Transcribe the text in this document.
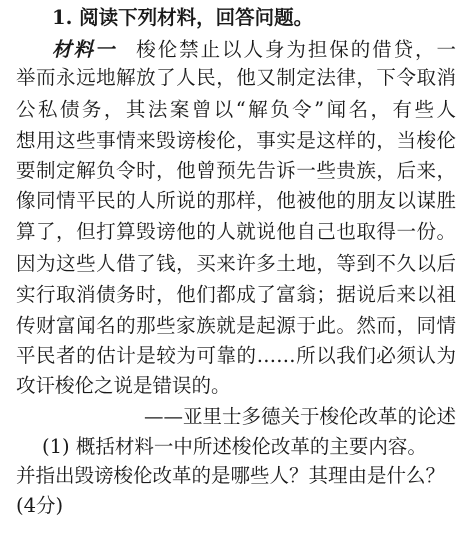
1. 阅读下列材料，回答问题。
材料一 梭伦禁止以人身为担保的借贷，一
举而永远地解放了人民，他又制定法律，下令取消
公私债务，其法案曾以“解负令”闻名，有些人
想用这些事情来毁谤梭伦，事实是这样的，当梭伦
要制定解负令时，他曾预先告诉一些贵族，后来，
像同情平民的人所说的那样，他被他的朋友以谋胜
算了，但打算毁谤他的人就说他自己也取得一份。
因为这些人借了钱，买来许多土地，等到不久以后
实行取消债务时，他们都成了富翁；据说后来以祖
传财富闻名的那些家族就是起源于此。然而，同情
平民者的估计是较为可靠的……所以我们必须认为
攻讦梭伦之说是错误的。
——亚里士多德关于梭伦改革的论述
(1) 概括材料一中所述梭伦改革的主要内容。
并指出毁谤梭伦改革的是哪些人？其理由是什么？
(4分)
